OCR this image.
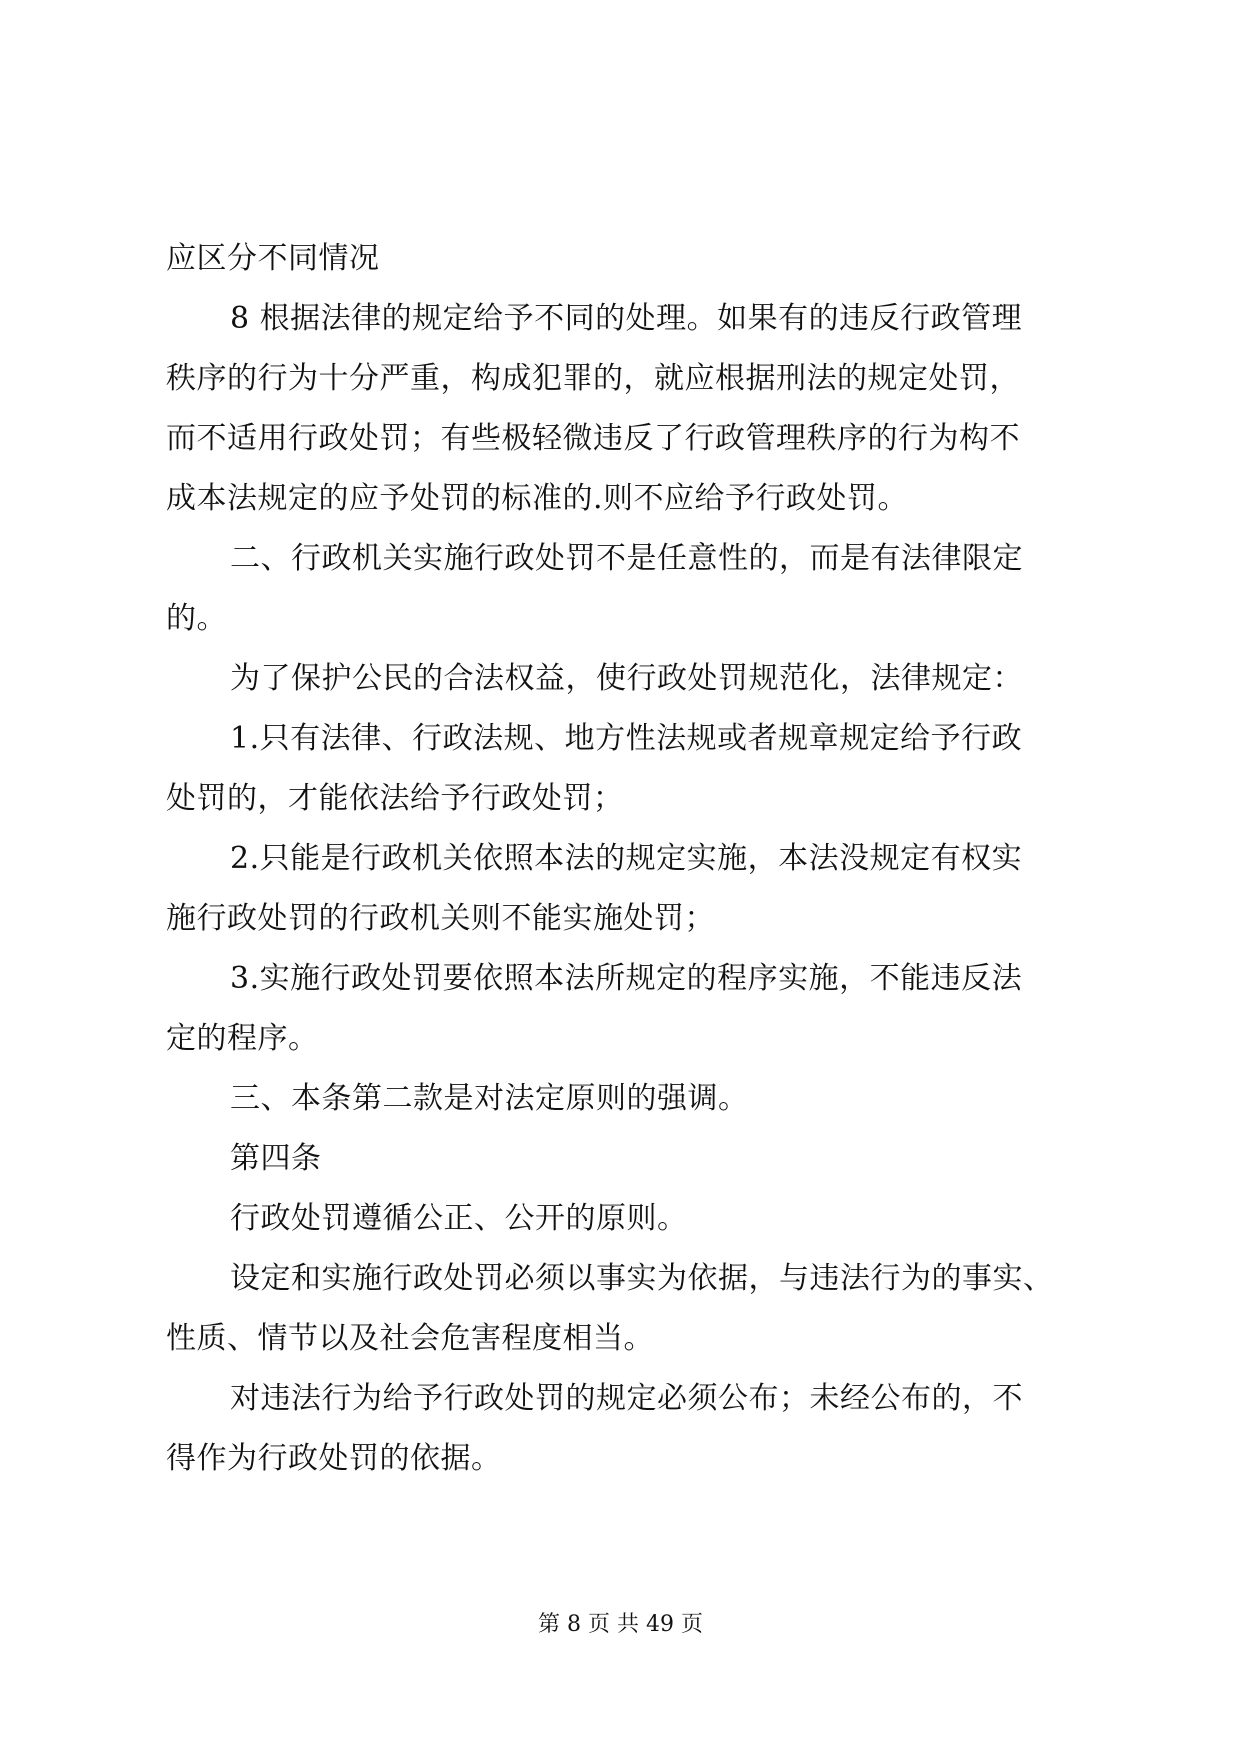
应区分不同情况
8 根据法律的规定给予不同的处理。如果有的违反行政管理
秩序的行为十分严重，构成犯罪的，就应根据刑法的规定处罚，
而不适用行政处罚；有些极轻微违反了行政管理秩序的行为构不
成本法规定的应予处罚的标准的.则不应给予行政处罚。
二、行政机关实施行政处罚不是任意性的，而是有法律限定
的。
为了保护公民的合法权益，使行政处罚规范化，法律规定：
1.只有法律、行政法规、地方性法规或者规章规定给予行政
处罚的，才能依法给予行政处罚；
2.只能是行政机关依照本法的规定实施，本法没规定有权实
施行政处罚的行政机关则不能实施处罚；
3.实施行政处罚要依照本法所规定的程序实施，不能违反法
定的程序。
三、本条第二款是对法定原则的强调。
第四条
行政处罚遵循公正、公开的原则。
设定和实施行政处罚必须以事实为依据，与违法行为的事实、
性质、情节以及社会危害程度相当。
对违法行为给予行政处罚的规定必须公布；未经公布的，不
得作为行政处罚的依据。
第 8 页 共 49 页
